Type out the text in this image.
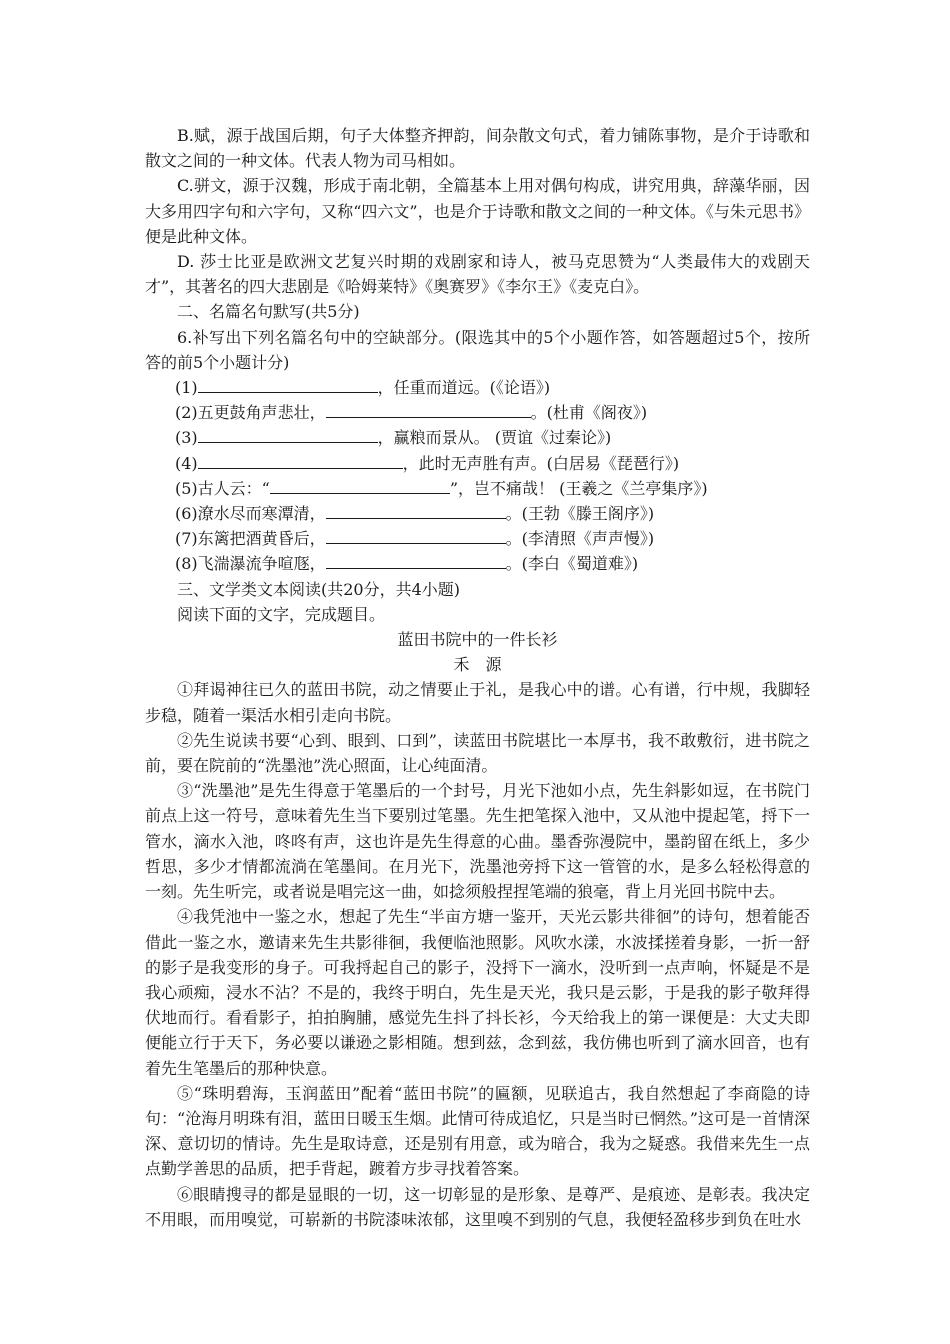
B.赋，源于战国后期，句子大体整齐押韵，间杂散文句式，着力铺陈事物，是介于诗歌和散文之间的一种文体。代表人物为司马相如。

C.骈文，源于汉魏，形成于南北朝，全篇基本上用对偶句构成，讲究用典，辞藻华丽，因大多用四字句和六字句，又称“四六文”，也是介于诗歌和散文之间的一种文体。《与朱元思书》便是此种文体。

D. 莎士比亚是欧洲文艺复兴时期的戏剧家和诗人，被马克思赞为“人类最伟大的戏剧天才”，其著名的四大悲剧是《哈姆莱特》《奥赛罗》《李尔王》《麦克白》。

二、名篇名句默写(共5分)

6.补写出下列名篇名句中的空缺部分。(限选其中的5个小题作答，如答题超过5个，按所答的前5个小题计分)

(1)	，任重而道远。(《论语》)

(2)五更鼓角声悲壮，	。(杜甫《阁夜》)

(3)	，赢粮而景从。 (贾谊《过秦论》)

(4)	，此时无声胜有声。(白居易《琵琶行》)

(5)古人云：“	”，岂不痛哉！ (王羲之《兰亭集序》)

(6)潦水尽而寒潭清，	。(王勃《滕王阁序》)

(7)东篱把酒黄昏后，	。(李清照《声声慢》)

(8)飞湍瀑流争喧豗，	。(李白《蜀道难》)

三、文学类文本阅读(共20分，共4小题)

阅读下面的文字，完成题目。

蓝田书院中的一件长衫

禾　源

①拜谒神往已久的蓝田书院，动之情要止于礼，是我心中的谱。心有谱，行中规，我脚轻步稳，随着一渠活水相引走向书院。

②先生说读书要“心到、眼到、口到”，读蓝田书院堪比一本厚书，我不敢敷衍，进书院之前，要在院前的“洗墨池”洗心照面，让心纯面清。

③“洗墨池”是先生得意于笔墨后的一个封号，月光下池如小点，先生斜影如逗，在书院门前点上这一符号，意味着先生当下要别过笔墨。先生把笔探入池中，又从池中提起笔，捋下一管水，滴水入池，咚咚有声，这也许是先生得意的心曲。墨香弥漫院中，墨韵留在纸上，多少哲思，多少才情都流淌在笔墨间。在月光下，洗墨池旁捋下这一管管的水，是多么轻松得意的一刻。先生听完，或者说是唱完这一曲，如捻须般捏捏笔端的狼毫，背上月光回书院中去。

④我凭池中一鉴之水，想起了先生“半亩方塘一鉴开，天光云影共徘徊”的诗句，想着能否借此一鉴之水，邀请来先生共影徘徊，我便临池照影。风吹水漾，水波揉搓着身影，一折一舒的影子是我变形的身子。可我捋起自己的影子，没捋下一滴水，没听到一点声响，怀疑是不是我心顽痴，浸水不沾？不是的，我终于明白，先生是天光，我只是云影，于是我的影子敬拜得伏地而行。看看影子，拍拍胸脯，感觉先生抖了抖长衫，今天给我上的第一课便是：大丈夫即便能立行于天下，务必要以谦逊之影相随。想到兹，念到兹，我仿佛也听到了滴水回音，也有着先生笔墨后的那种快意。

⑤“珠明碧海，玉润蓝田”配着“蓝田书院”的匾额，见联追古，我自然想起了李商隐的诗句：“沧海月明珠有泪，蓝田日暖玉生烟。此情可待成追忆，只是当时已惘然。”这可是一首情深深、意切切的情诗。先生是取诗意，还是别有用意，或为暗合，我为之疑惑。我借来先生一点点勤学善思的品质，把手背起，踱着方步寻找着答案。

⑥眼睛搜寻的都是显眼的一切，这一切彰显的是形象、是尊严、是痕迹、是彰表。我决定不用眼，而用嗅觉，可崭新的书院漆味浓郁，这里嗅不到别的气息，我便轻盈移步到负在吐水
